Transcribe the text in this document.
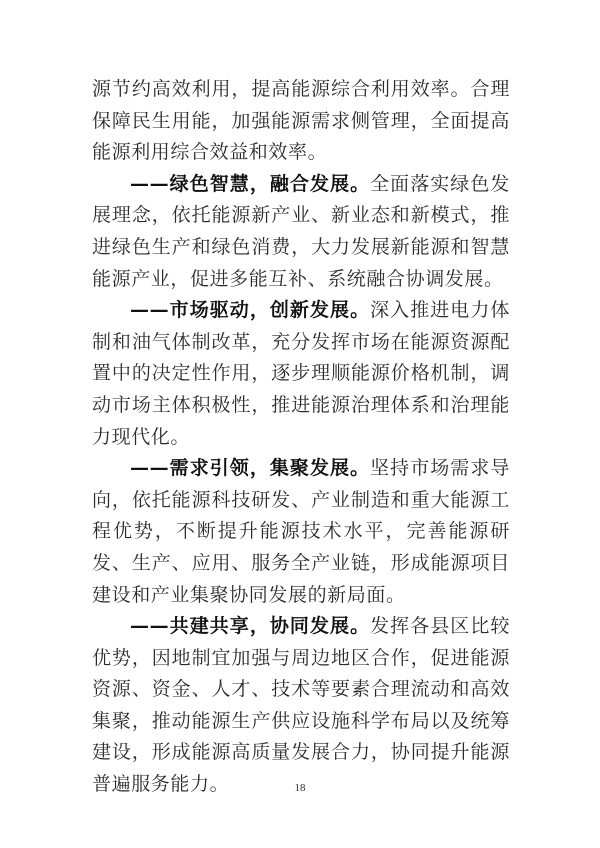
源节约高效利用，提高能源综合利用效率。合理保障民生用能，加强能源需求侧管理，全面提高能源利用综合效益和效率。

——绿色智慧，融合发展。全面落实绿色发展理念，依托能源新产业、新业态和新模式，推进绿色生产和绿色消费，大力发展新能源和智慧能源产业，促进多能互补、系统融合协调发展。

——市场驱动，创新发展。深入推进电力体制和油气体制改革，充分发挥市场在能源资源配置中的决定性作用，逐步理顺能源价格机制，调动市场主体积极性，推进能源治理体系和治理能力现代化。

——需求引领，集聚发展。坚持市场需求导向，依托能源科技研发、产业制造和重大能源工程优势，不断提升能源技术水平，完善能源研发、生产、应用、服务全产业链，形成能源项目建设和产业集聚协同发展的新局面。

——共建共享，协同发展。发挥各县区比较优势，因地制宜加强与周边地区合作，促进能源资源、资金、人才、技术等要素合理流动和高效集聚，推动能源生产供应设施科学布局以及统筹建设，形成能源高质量发展合力，协同提升能源普遍服务能力。	18
